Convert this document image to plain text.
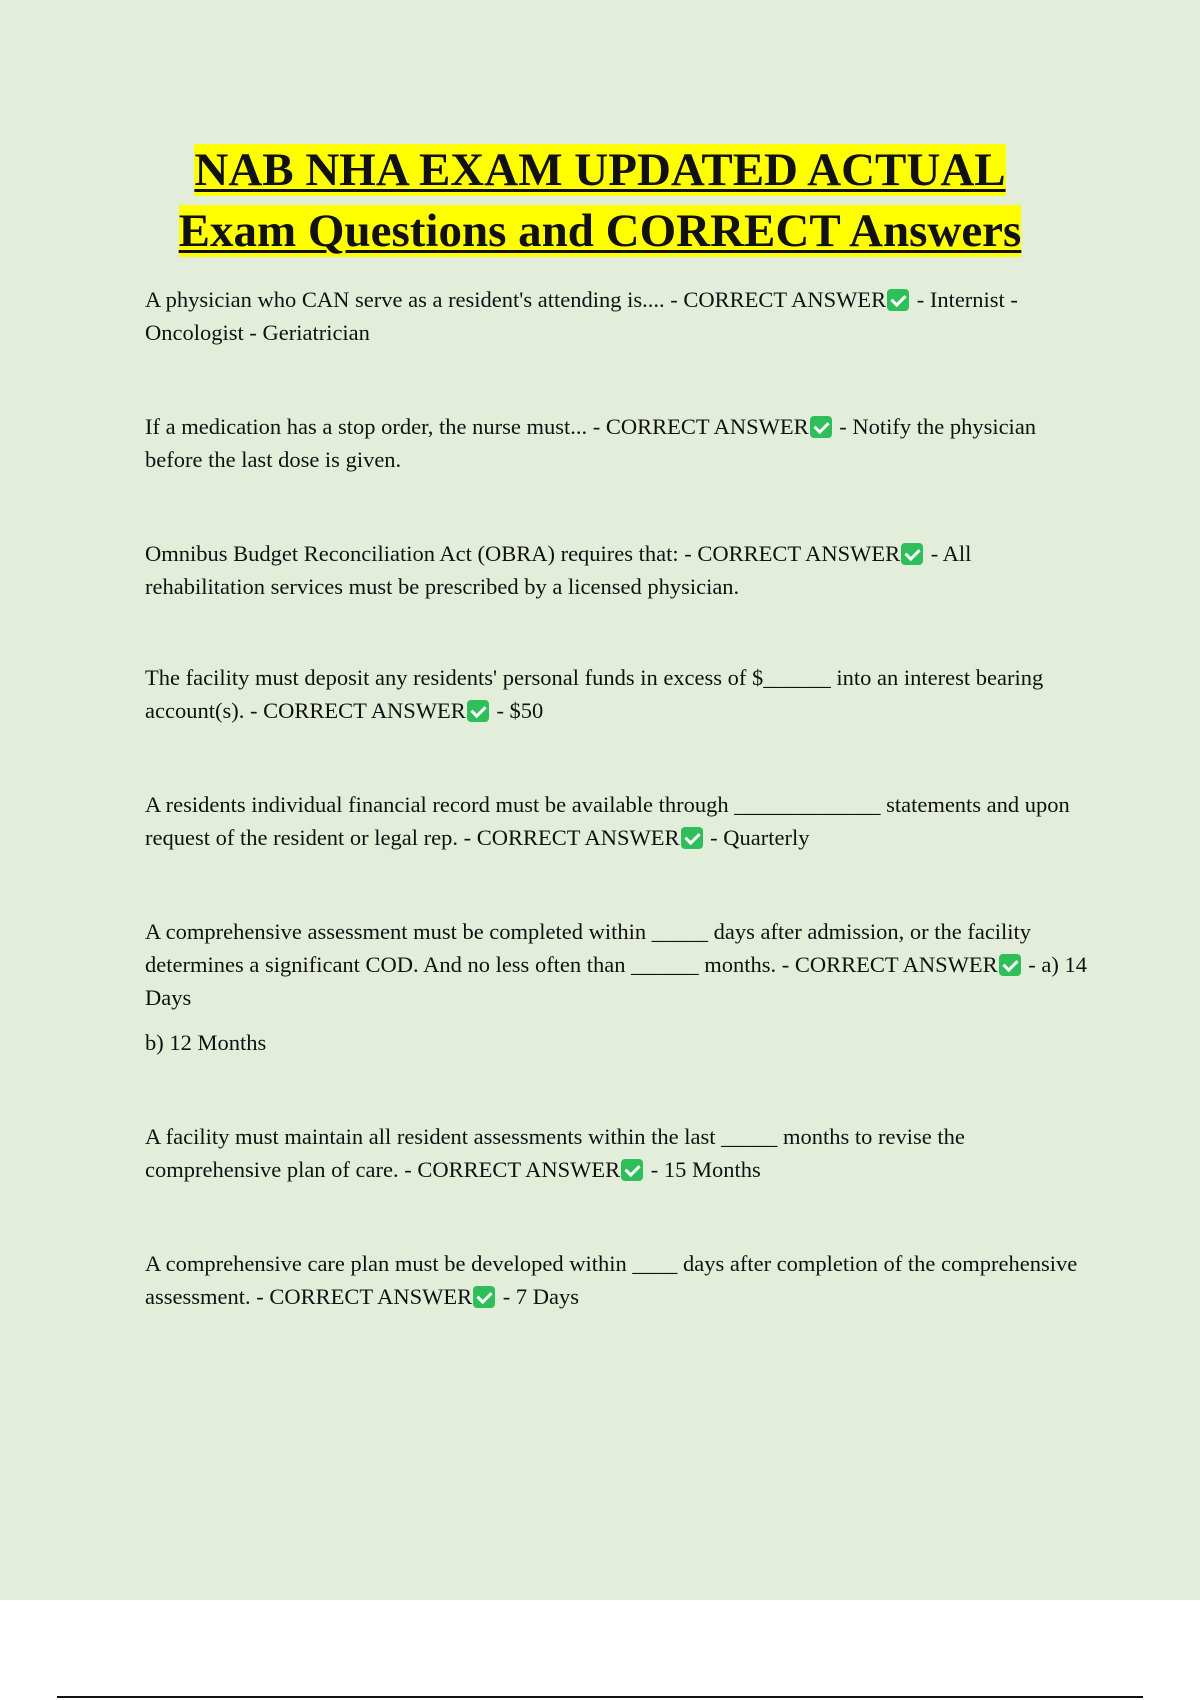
NAB NHA EXAM UPDATED ACTUAL
Exam Questions and CORRECT Answers

A physician who CAN serve as a resident's attending is.... - CORRECT ANSWER - Internist - Oncologist - Geriatrician

If a medication has a stop order, the nurse must... - CORRECT ANSWER - Notify the physician before the last dose is given.

Omnibus Budget Reconciliation Act (OBRA) requires that: - CORRECT ANSWER - All rehabilitation services must be prescribed by a licensed physician.

The facility must deposit any residents' personal funds in excess of $______ into an interest bearing account(s). - CORRECT ANSWER - $50

A residents individual financial record must be available through _____________ statements and upon request of the resident or legal rep. - CORRECT ANSWER - Quarterly

A comprehensive assessment must be completed within _____ days after admission, or the facility determines a significant COD. And no less often than ______ months. - CORRECT ANSWER - a) 14 Days
b) 12 Months

A facility must maintain all resident assessments within the last _____ months to revise the comprehensive plan of care. - CORRECT ANSWER - 15 Months

A comprehensive care plan must be developed within ____ days after completion of the comprehensive assessment. - CORRECT ANSWER - 7 Days
